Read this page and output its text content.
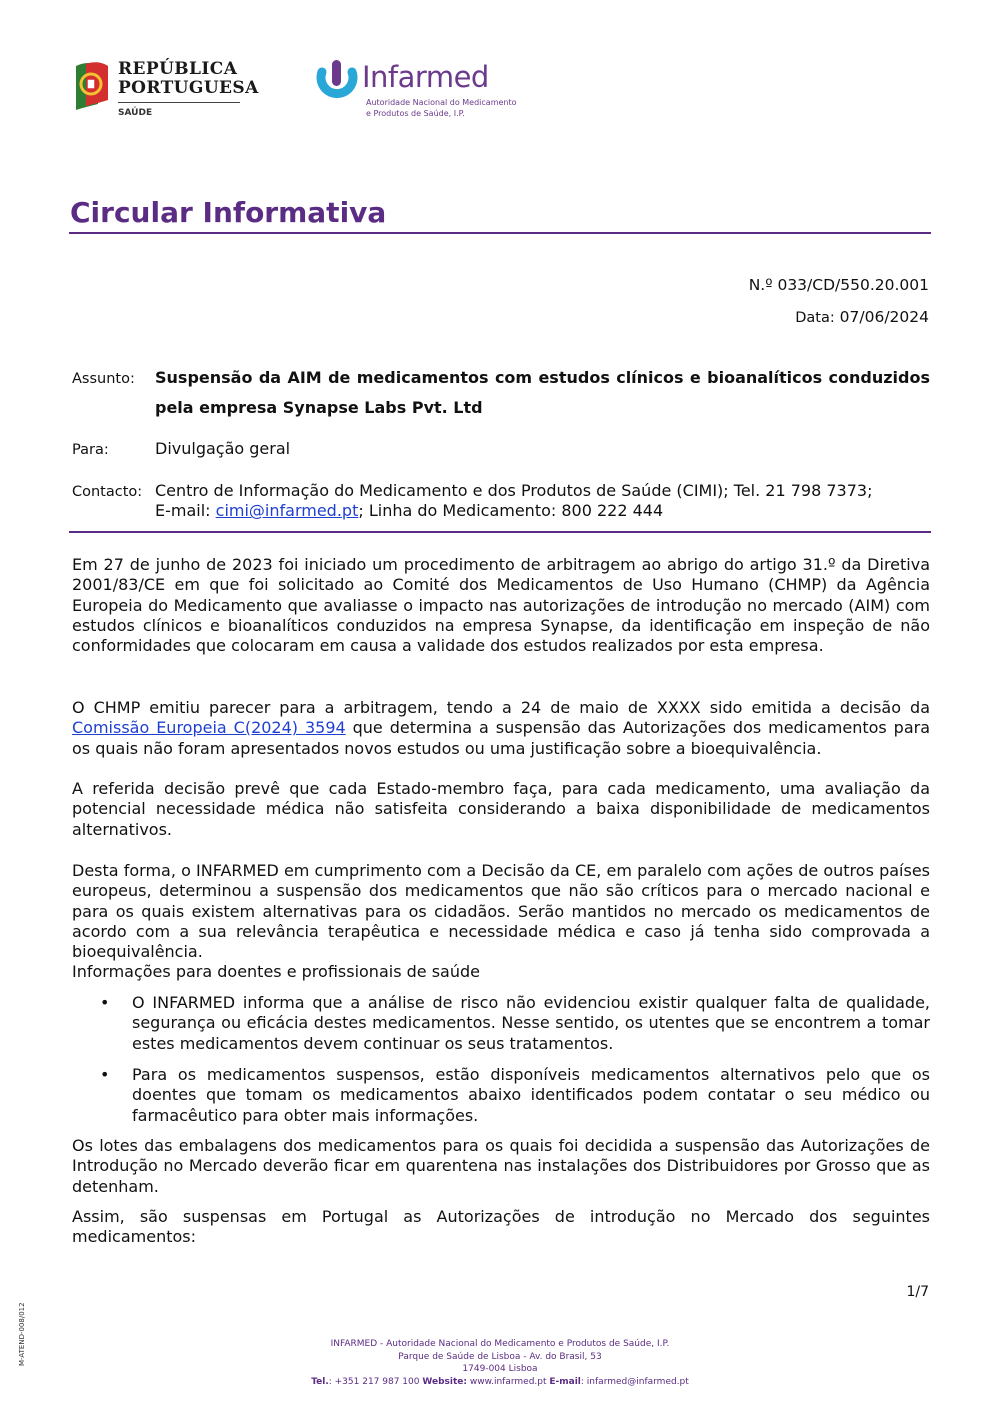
REPÚBLICA
PORTUGUESA
SAÚDE
Infarmed
Autoridade Nacional do Medicamento
e Produtos de Saúde, I.P.
Circular Informativa
N.º 033/CD/550.20.001
Data: 07/06/2024
Assunto: Suspensão da AIM de medicamentos com estudos clínicos e bioanalíticos conduzidos pela empresa Synapse Labs Pvt. Ltd
Para:	Divulgação geral
Contacto: Centro de Informação do Medicamento e dos Produtos de Saúde (CIMI); Tel. 21 798 7373;
E-mail: cimi@infarmed.pt; Linha do Medicamento: 800 222 444
Em 27 de junho de 2023 foi iniciado um procedimento de arbitragem ao abrigo do artigo 31.º da Diretiva 2001/83/CE em que foi solicitado ao Comité dos Medicamentos de Uso Humano (CHMP) da Agência Europeia do Medicamento que avaliasse o impacto nas autorizações de introdução no mercado (AIM) com estudos clínicos e bioanalíticos conduzidos na empresa Synapse, da identificação em inspeção de não conformidades que colocaram em causa a validade dos estudos realizados por esta empresa.
O CHMP emitiu parecer para a arbitragem, tendo a 24 de maio de XXXX sido emitida a decisão da Comissão Europeia C(2024) 3594 que determina a suspensão das Autorizações dos medicamentos para os quais não foram apresentados novos estudos ou uma justificação sobre a bioequivalência.
A referida decisão prevê que cada Estado-membro faça, para cada medicamento, uma avaliação da potencial necessidade médica não satisfeita considerando a baixa disponibilidade de medicamentos alternativos.
Desta forma, o INFARMED em cumprimento com a Decisão da CE, em paralelo com ações de outros países europeus, determinou a suspensão dos medicamentos que não são críticos para o mercado nacional e para os quais existem alternativas para os cidadãos. Serão mantidos no mercado os medicamentos de acordo com a sua relevância terapêutica e necessidade médica e caso já tenha sido comprovada a bioequivalência.
Informações para doentes e profissionais de saúde
• O INFARMED informa que a análise de risco não evidenciou existir qualquer falta de qualidade, segurança ou eficácia destes medicamentos. Nesse sentido, os utentes que se encontrem a tomar estes medicamentos devem continuar os seus tratamentos.
• Para os medicamentos suspensos, estão disponíveis medicamentos alternativos pelo que os doentes que tomam os medicamentos abaixo identificados podem contatar o seu médico ou farmacêutico para obter mais informações.
Os lotes das embalagens dos medicamentos para os quais foi decidida a suspensão das Autorizações de Introdução no Mercado deverão ficar em quarentena nas instalações dos Distribuidores por Grosso que as detenham.
Assim, são suspensas em Portugal as Autorizações de introdução no Mercado dos seguintes medicamentos:
1/7
M-ATEND-008/012	INFARMED - Autoridade Nacional do Medicamento e Produtos de Saúde, I.P.
Parque de Saúde de Lisboa - Av. do Brasil, 53
1749-004 Lisboa
Tel.: +351 217 987 100 Website: www.infarmed.pt E-mail: infarmed@infarmed.pt
